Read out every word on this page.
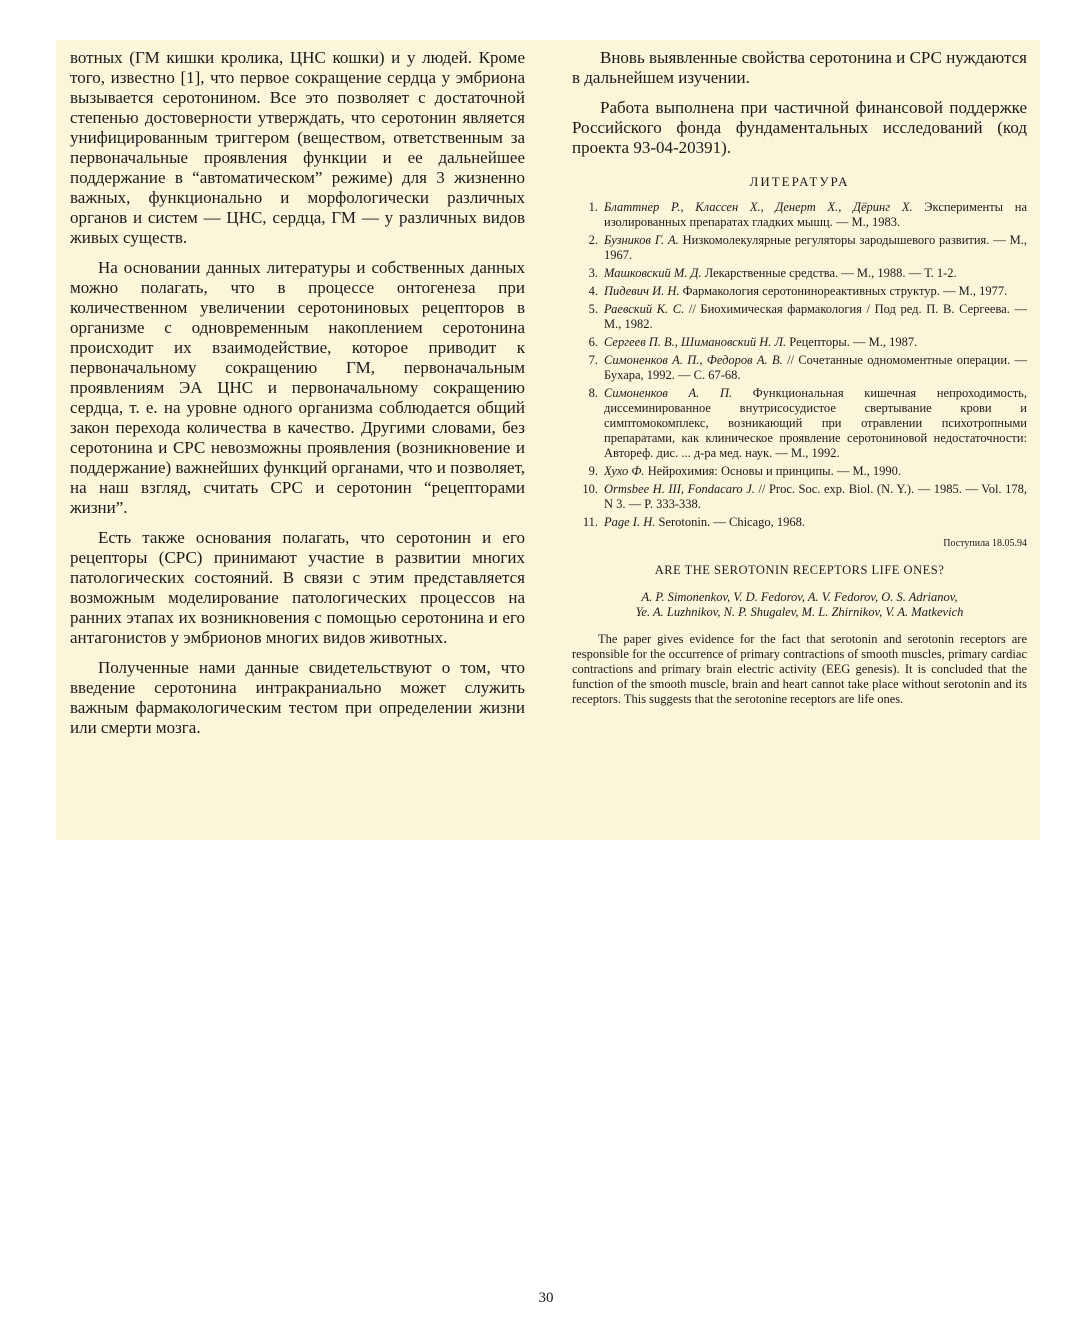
вотных (ГМ кишки кролика, ЦНС кошки) и у людей. Кроме того, известно [1], что первое сокращение сердца у эмбриона вызывается серотонином. Все это позволяет с достаточной степенью достоверности утверждать, что серотонин является унифицированным триггером (веществом, ответственным за первоначальные проявления функции и ее дальнейшее поддержание в “автоматическом” режиме) для 3 жизненно важных, функционально и морфологически различных органов и систем — ЦНС, сердца, ГМ — у различных видов живых существ.

На основании данных литературы и собственных данных можно полагать, что в процессе онтогенеза при количественном увеличении серотониновых рецепторов в организме с одновременным накоплением серотонина происходит их взаимодействие, которое приводит к первоначальному сокращению ГМ, первоначальным проявлениям ЭА ЦНС и первоначальному сокращению сердца, т. е. на уровне одного организма соблюдается общий закон перехода количества в качество. Другими словами, без серотонина и СРС невозможны проявления (возникновение и поддержание) важнейших функций органами, что и позволяет, на наш взгляд, считать СРС и серотонин “рецепторами жизни”.

Есть также основания полагать, что серотонин и его рецепторы (СРС) принимают участие в развитии многих патологических состояний. В связи с этим представляется возможным моделирование патологических процессов на ранних этапах их возникновения с помощью серотонина и его антагонистов у эмбрионов многих видов животных.

Полученные нами данные свидетельствуют о том, что введение серотонина интракраниально может служить важным фармакологическим тестом при определении жизни или смерти мозга.

Вновь выявленные свойства серотонина и СРС нуждаются в дальнейшем изучении.

Работа выполнена при частичной финансовой поддержке Российского фонда фундаментальных исследований (код проекта 93-04-20391).

ЛИТЕРАТУРА
1. Блаттнер Р., Классен Х., Денерт Х., Дёринг Х. Эксперименты на изолированных препаратах гладких мышц. — М., 1983.
2. Бузников Г. А. Низкомолекулярные регуляторы зародышевого развития. — М., 1967.
3. Машковский М. Д. Лекарственные средства. — М., 1988. — Т. 1-2.
4. Пидевич И. Н. Фармакология серотонинореактивных структур. — М., 1977.
5. Раевский К. С. // Биохимическая фармакология / Под ред. П. В. Сергеева. — М., 1982.
6. Сергеев П. В., Шимановский Н. Л. Рецепторы. — М., 1987.
7. Симоненков А. П., Федоров А. В. // Сочетанные одномоментные операции. — Бухара, 1992. — С. 67-68.
8. Симоненков А. П. Функциональная кишечная непроходимость, диссеминированное внутрисосудистое свертывание крови и симптомокомплекс, возникающий при отравлении психотропными препаратами, как клиническое проявление серотониновой недостаточности: Автореф. дис. ... д-ра мед. наук. — М., 1992.
9. Хухо Ф. Нейрохимия: Основы и принципы. — М., 1990.
10. Ormsbee H. III, Fondacaro J. // Proc. Soc. exp. Biol. (N. Y.). — 1985. — Vol. 178, N 3. — P. 333-338.
11. Page I. H. Serotonin. — Chicago, 1968.
Поступила 18.05.94
ARE THE SEROTONIN RECEPTORS LIFE ONES?
A. P. Simonenkov, V. D. Fedorov, A. V. Fedorov, O. S. Adrianov,
Ye. A. Luzhnikov, N. P. Shugalev, M. L. Zhirnikov, V. A. Matkevich

The paper gives evidence for the fact that serotonin and serotonin receptors are responsible for the occurrence of primary contractions of smooth muscles, primary cardiac contractions and primary brain electric activity (EEG genesis). It is concluded that the function of the smooth muscle, brain and heart cannot take place without serotonin and its receptors. This suggests that the serotonine receptors are life ones.

30
